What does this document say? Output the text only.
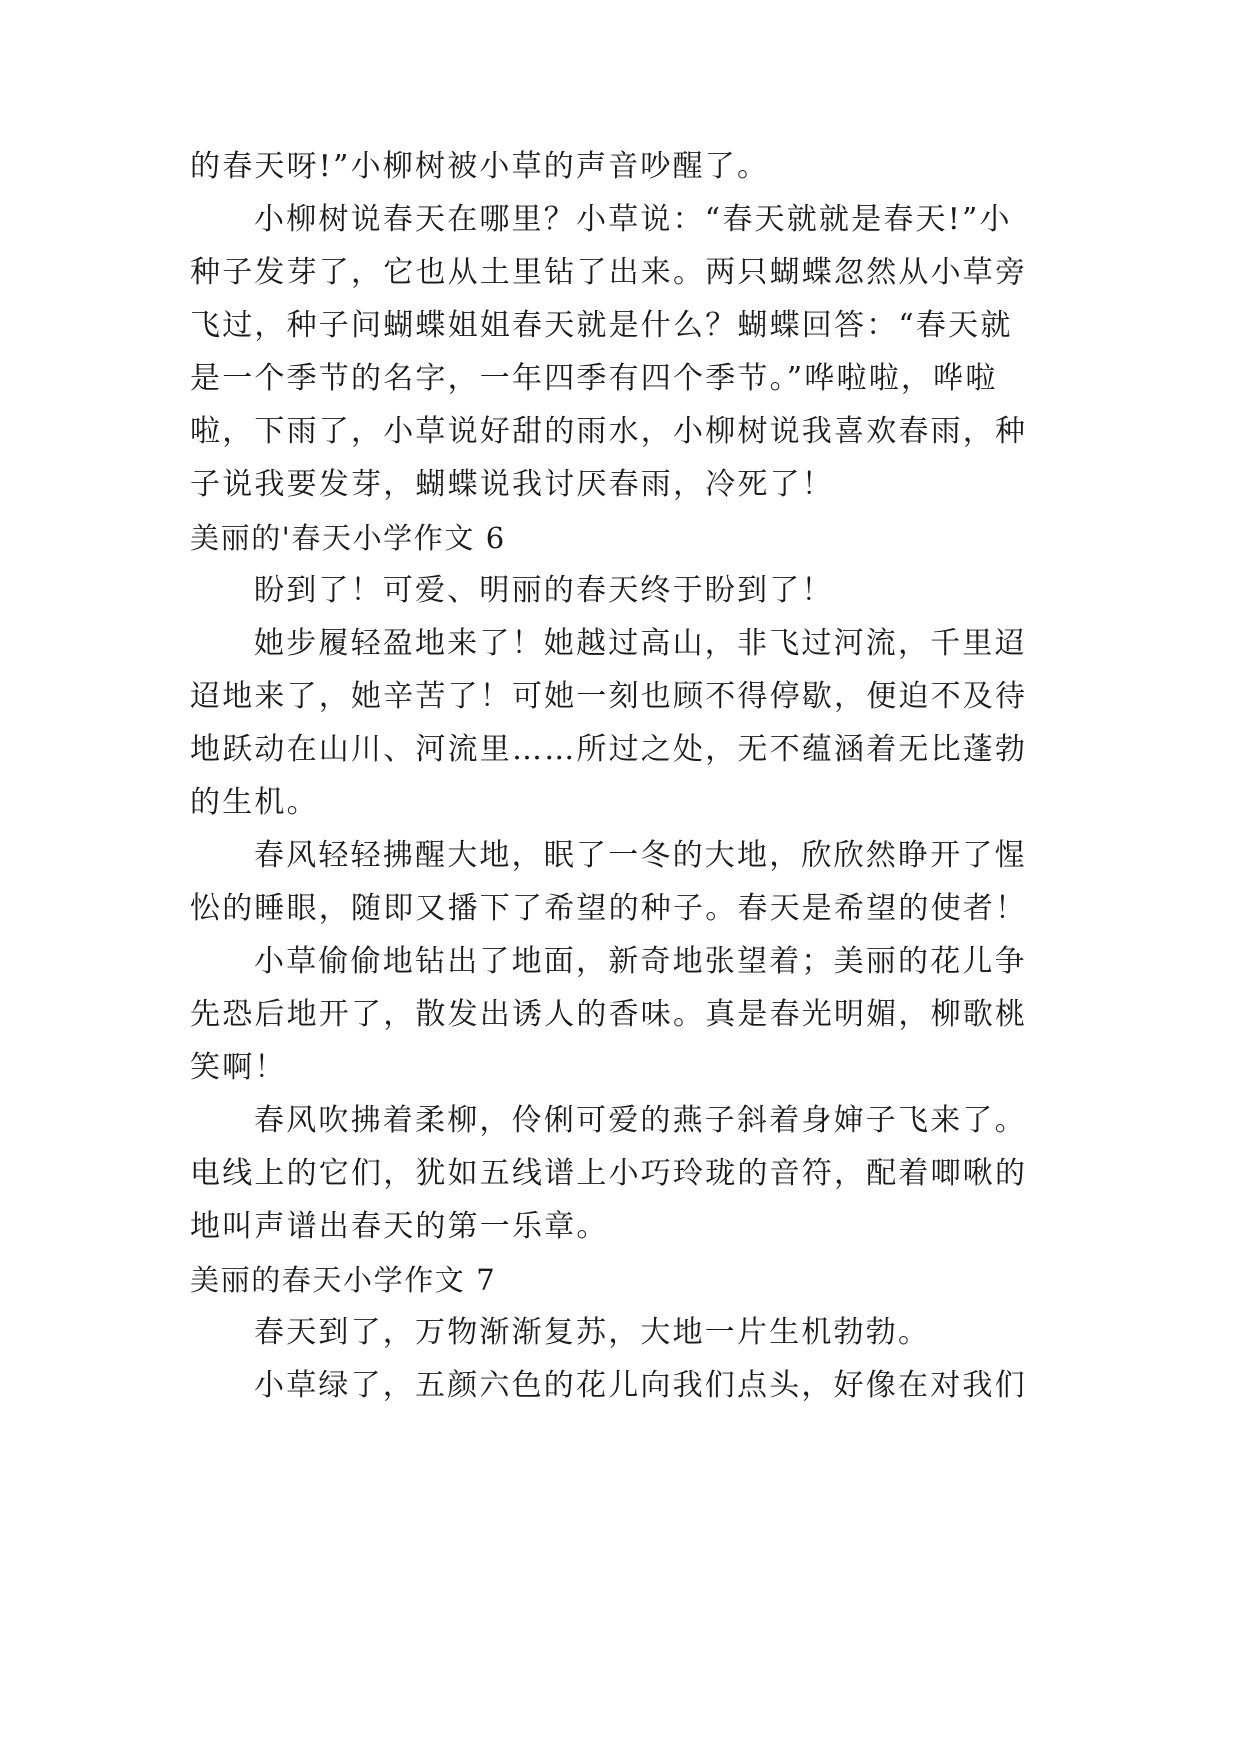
的春天呀!”小柳树被小草的声音吵醒了。
小柳树说春天在哪里？小草说：“春天就就是春天!”小
种子发芽了，它也从土里钻了出来。两只蝴蝶忽然从小草旁
飞过，种子问蝴蝶姐姐春天就是什么？蝴蝶回答：“春天就
是一个季节的名字，一年四季有四个季节。”哗啦啦，哗啦
啦，下雨了，小草说好甜的雨水，小柳树说我喜欢春雨，种
子说我要发芽，蝴蝶说我讨厌春雨，冷死了！
美丽的'春天小学作文 6
盼到了！可爱、明丽的春天终于盼到了！
她步履轻盈地来了！她越过高山，非飞过河流，千里迢
迢地来了，她辛苦了！可她一刻也顾不得停歇，便迫不及待
地跃动在山川、河流里……所过之处，无不蕴涵着无比蓬勃
的生机。
春风轻轻拂醒大地，眠了一冬的大地，欣欣然睁开了惺
忪的睡眼，随即又播下了希望的种子。春天是希望的使者！
小草偷偷地钻出了地面，新奇地张望着；美丽的花儿争
先恐后地开了，散发出诱人的香味。真是春光明媚，柳歌桃
笑啊！
春风吹拂着柔柳，伶俐可爱的燕子斜着身婶子飞来了。
电线上的它们，犹如五线谱上小巧玲珑的音符，配着唧啾的
地叫声谱出春天的第一乐章。
美丽的春天小学作文 7
春天到了，万物渐渐复苏，大地一片生机勃勃。
小草绿了，五颜六色的花儿向我们点头，好像在对我们
